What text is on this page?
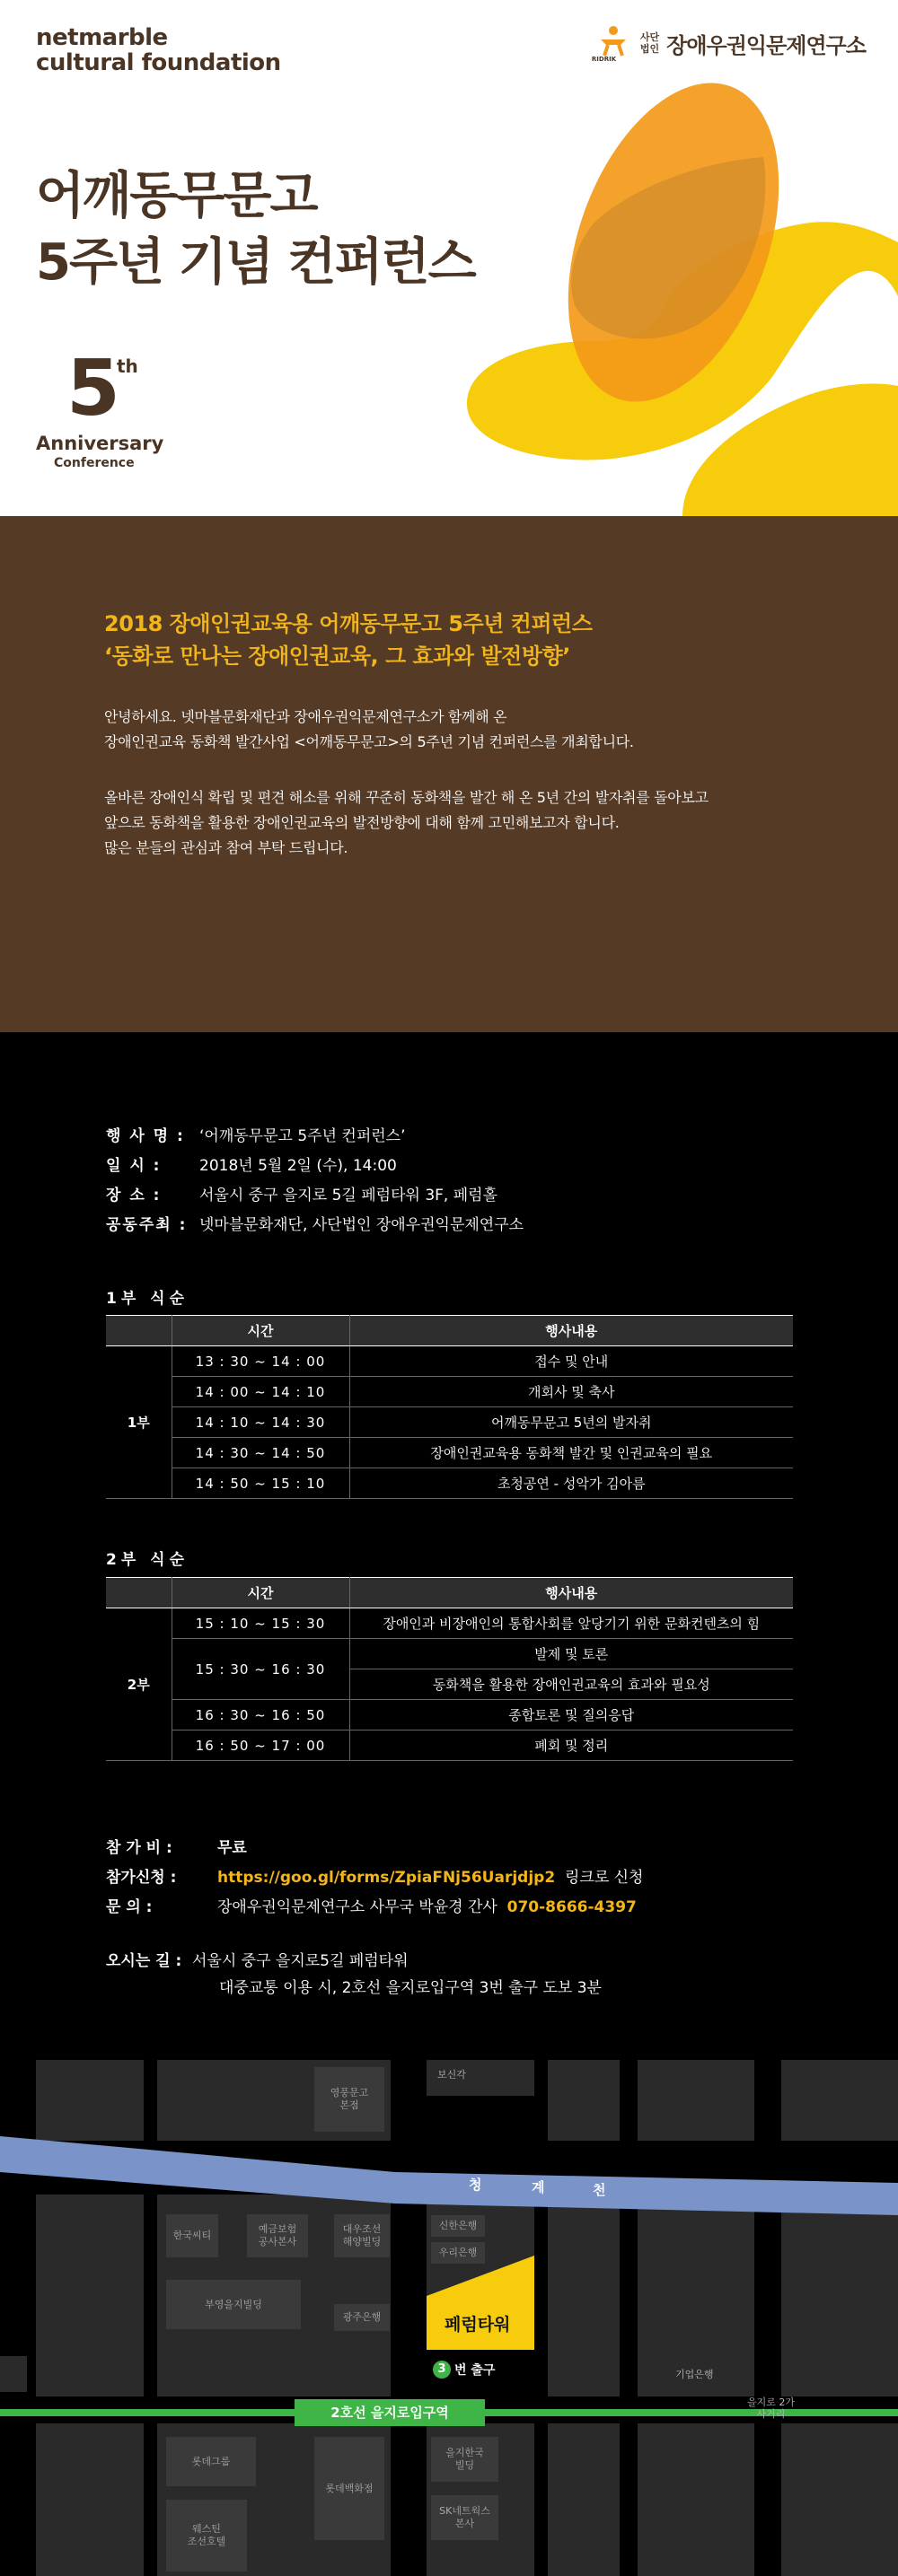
netmarble
cultural foundation	RIDRIK
사단
법인 장애우권익문제연구소
어깨동무문고
5주년 기념 컨퍼런스
5
th
Anniversary
Conference
2018 장애인권교육용 어깨동무문고 5주년 컨퍼런스
‘동화로 만나는 장애인권교육, 그 효과와 발전방향’
안녕하세요. 넷마블문화재단과 장애우권익문제연구소가 함께해 온
장애인권교육 동화책 발간사업 <어깨동무문고>의 5주년 기념 컨퍼런스를 개최합니다.
올바른 장애인식 확립 및 편견 해소를 위해 꾸준히 동화책을 발간 해 온 5년 간의 발자취를 돌아보고
앞으로 동화책을 활용한 장애인권교육의 발전방향에 대해 함께 고민해보고자 합니다.
많은 분들의 관심과 참여 부탁 드립니다.
행 사 명 : ‘어깨동무문고 5주년 컨퍼런스’
일 시 :	2018년 5월 2일 (수), 14:00
장 소 :	서울시 중구 을지로 5길 페럼타워 3F, 페럼홀
공동주최 : 넷마블문화재단, 사단법인 장애우권익문제연구소
1부 식순
	시간	행사내용
1부	13 : 30 ~ 14 : 00	접수 및 안내
	14 : 00 ~ 14 : 10	개회사 및 축사
	14 : 10 ~ 14 : 30	어깨동무문고 5년의 발자취
	14 : 30 ~ 14 : 50	장애인권교육용 동화책 발간 및 인권교육의 필요
	14 : 50 ~ 15 : 10	초청공연 - 성악가 김아름
2부 식순
	시간	행사내용
2부	15 : 10 ~ 15 : 30	장애인과 비장애인의 통합사회를 앞당기기 위한 문화컨텐츠의 힘
	15 : 30 ~ 16 : 30	발제 및 토론
		동화책을 활용한 장애인권교육의 효과와 필요성
	16 : 30 ~ 16 : 50	종합토론 및 질의응답
	16 : 50 ~ 17 : 00	폐회 및 정리
참 가 비 :	무료
참가신청 :	https://goo.gl/forms/ZpiaFNj56Uarjdjp2
링크로 신청
문 의 :	장애우권익문제연구소 사무국 박윤경 간사
070-8666-4397
오시는 길 : 서울시 중구 을지로5길 페럼타워
대중교통 이용 시, 2호선 을지로입구역 3번 출구 도보 3분
청	계	천
영풍문고
본점
보신각
한국씨티
예금보험
공사본사
대우조선
해양빌딩
부영을지빌딩
광주은행
신한은행
우리은행
페럼타워
3 번 출구	기업은행
2호선 을지로입구역
을지로 2가
사거리
롯데그룹
롯데백화점
웨스틴
조선호텔
을지한국
빌딩
SK네트웍스
본사
